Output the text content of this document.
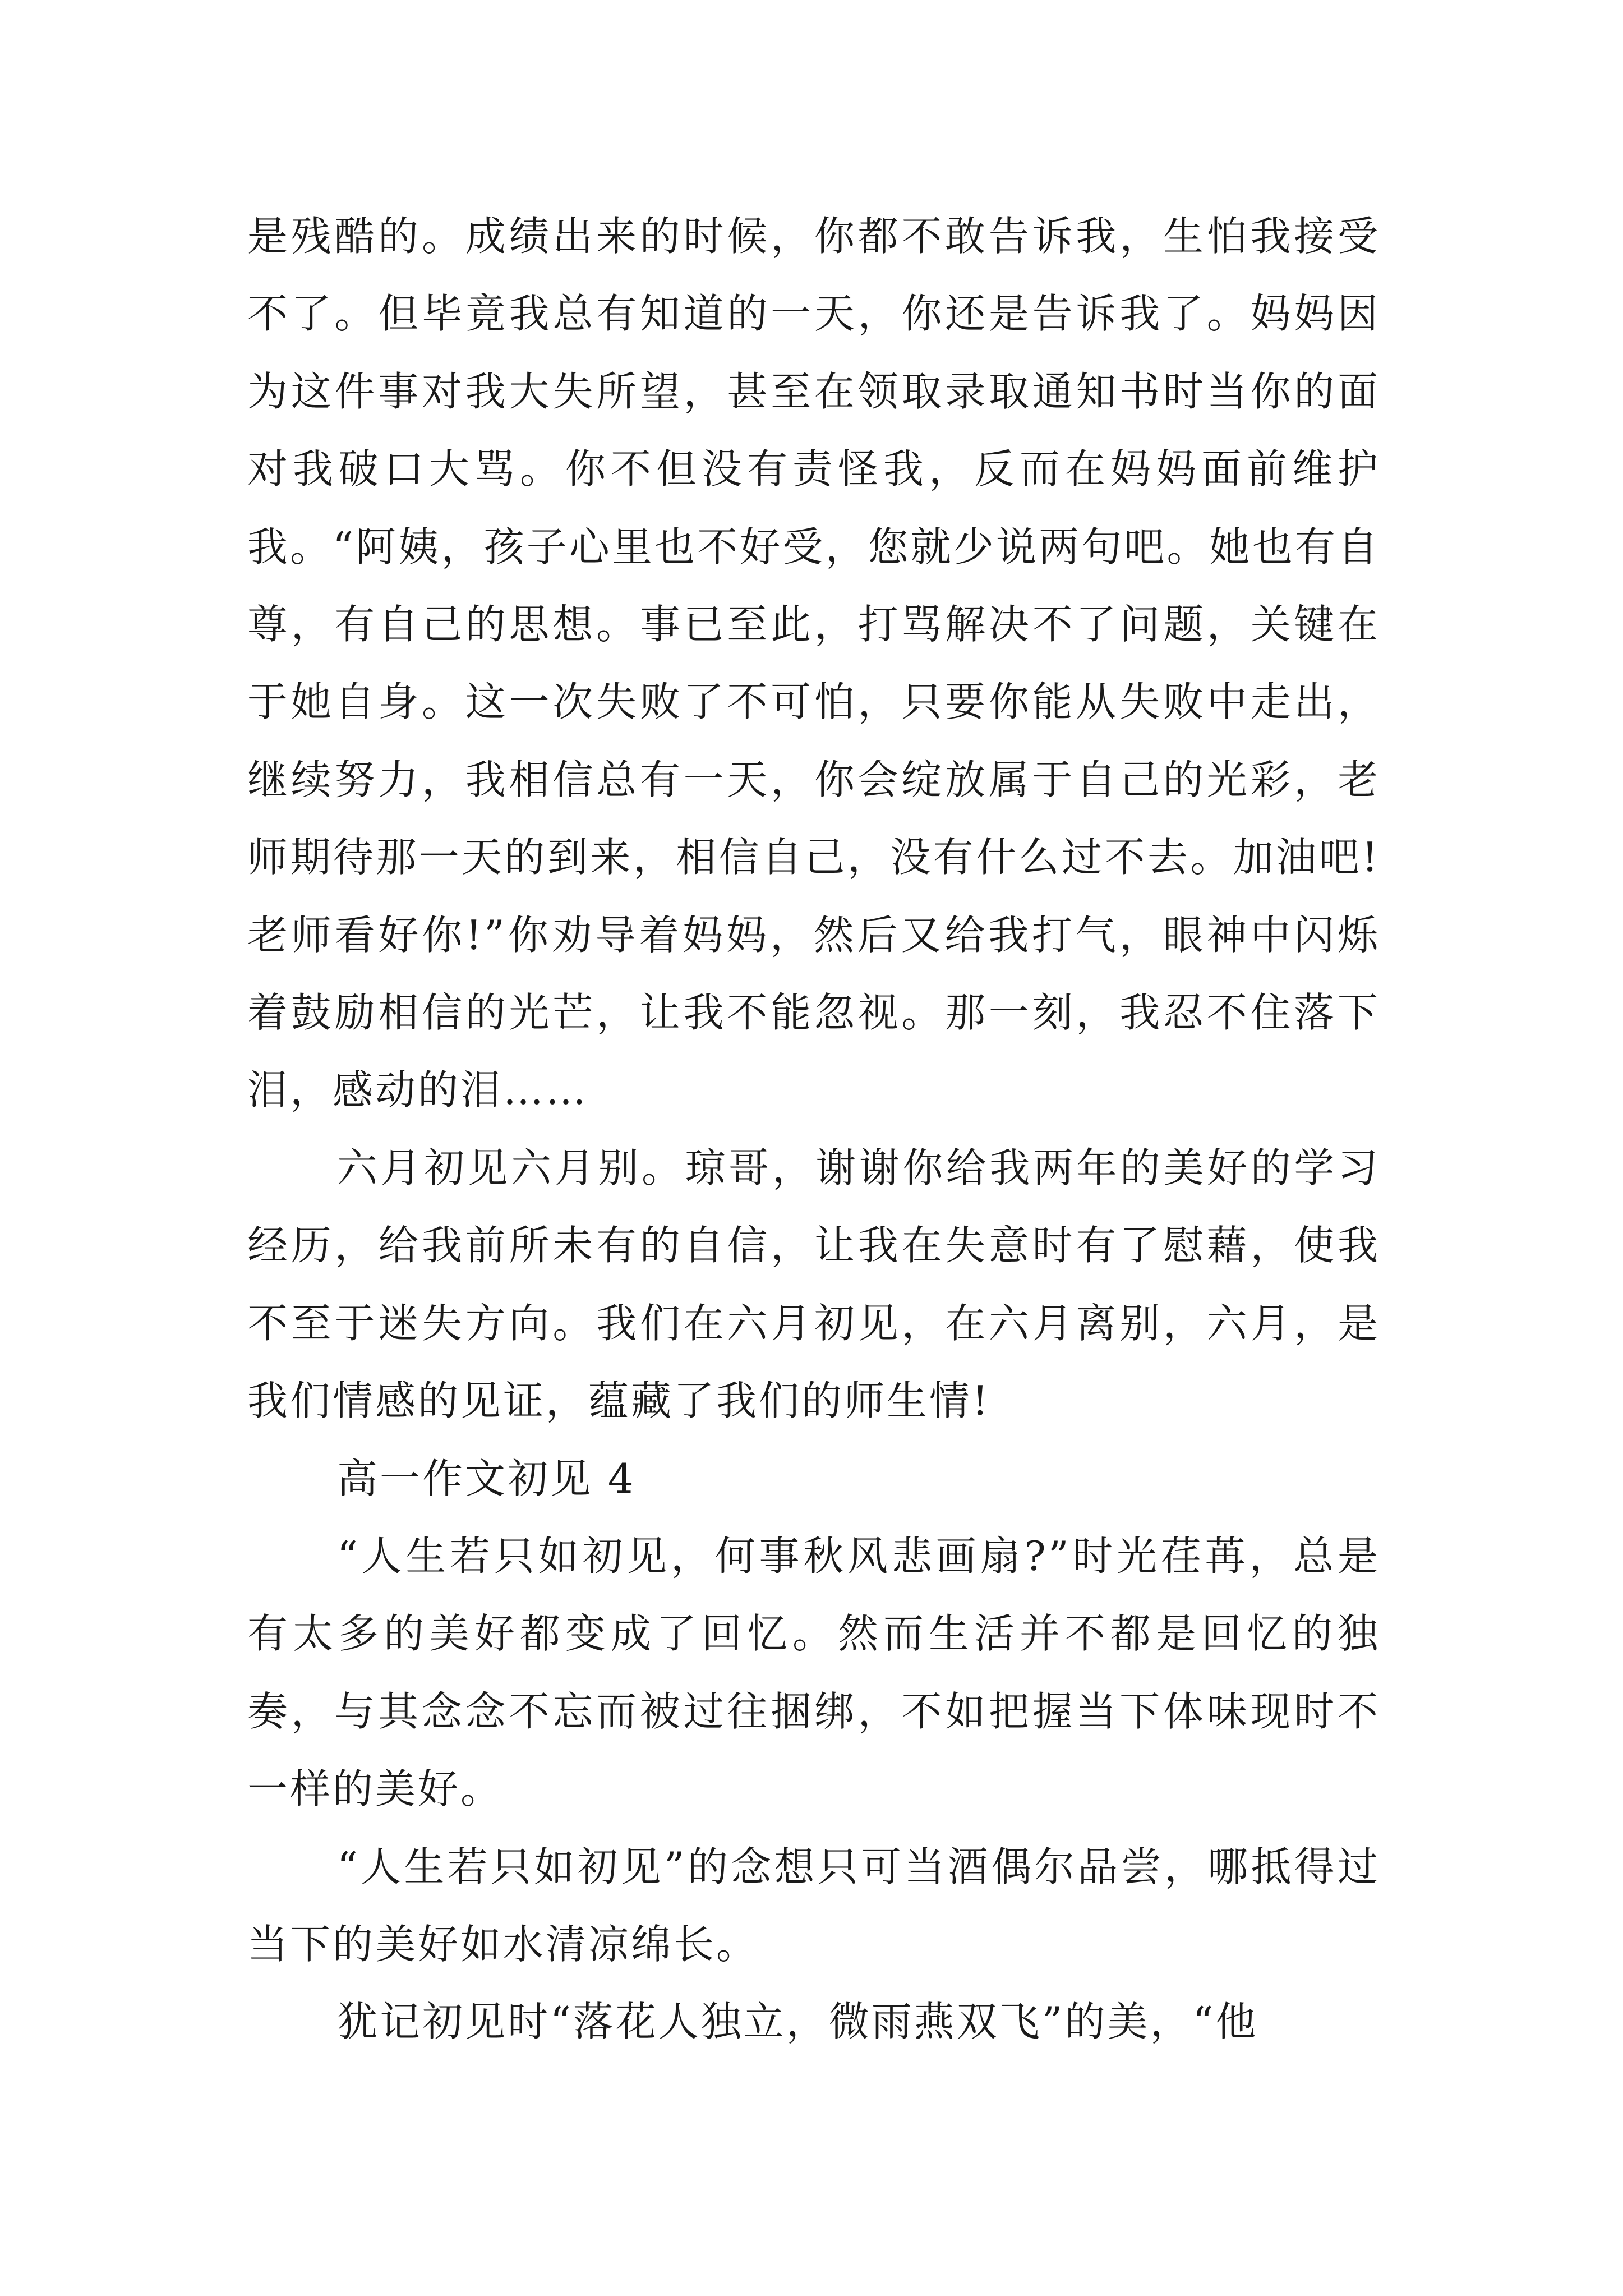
是残酷的。成绩出来的时候，你都不敢告诉我，生怕我接受不了。但毕竟我总有知道的一天，你还是告诉我了。妈妈因为这件事对我大失所望，甚至在领取录取通知书时当你的面对我破口大骂。你不但没有责怪我，反而在妈妈面前维护我。“阿姨，孩子心里也不好受，您就少说两句吧。她也有自尊，有自己的思想。事已至此，打骂解决不了问题，关键在于她自身。这一次失败了不可怕，只要你能从失败中走出，继续努力，我相信总有一天，你会绽放属于自己的光彩，老师期待那一天的到来，相信自己，没有什么过不去。加油吧!老师看好你!”你劝导着妈妈，然后又给我打气，眼神中闪烁着鼓励相信的光芒，让我不能忽视。那一刻，我忍不住落下泪，感动的泪……

六月初见六月别。琼哥，谢谢你给我两年的美好的学习经历，给我前所未有的自信，让我在失意时有了慰藉，使我不至于迷失方向。我们在六月初见，在六月离别，六月，是我们情感的见证，蕴藏了我们的师生情!

高一作文初见 4

“人生若只如初见，何事秋风悲画扇?”时光荏苒，总是有太多的美好都变成了回忆。然而生活并不都是回忆的独奏，与其念念不忘而被过往捆绑，不如把握当下体味现时不一样的美好。

“人生若只如初见”的念想只可当酒偶尔品尝，哪抵得过当下的美好如水清凉绵长。

犹记初见时“落花人独立，微雨燕双飞”的美，“他
